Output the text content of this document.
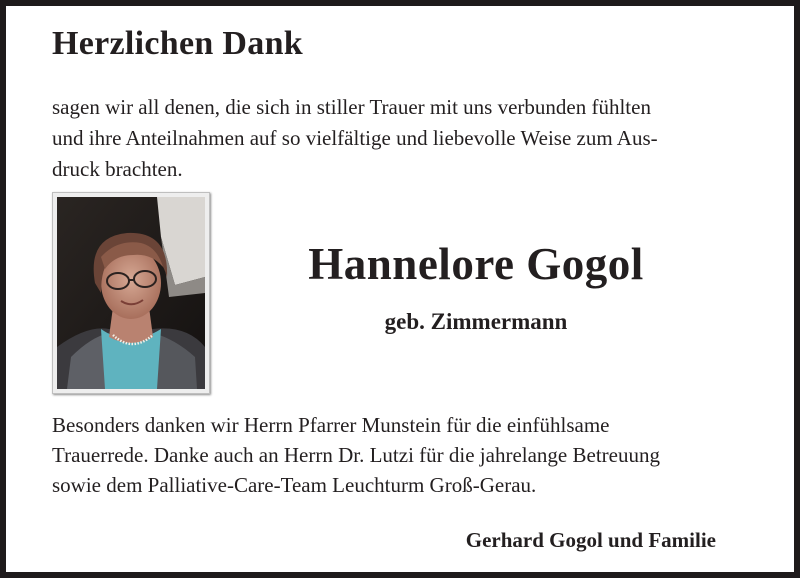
Herzlichen Dank
sagen wir all denen, die sich in stiller Trauer mit uns verbunden fühlten
und ihre Anteilnahmen auf so vielfältige und liebevolle Weise zum Aus-
druck brachten.
Hannelore Gogol
geb. Zimmermann
Besonders danken wir Herrn Pfarrer Munstein für die einfühlsame
Trauerrede. Danke auch an Herrn Dr. Lutzi für die jahrelange Betreuung
sowie dem Palliative-Care-Team Leuchturm Groß-Gerau.
Gerhard Gogol und Familie
